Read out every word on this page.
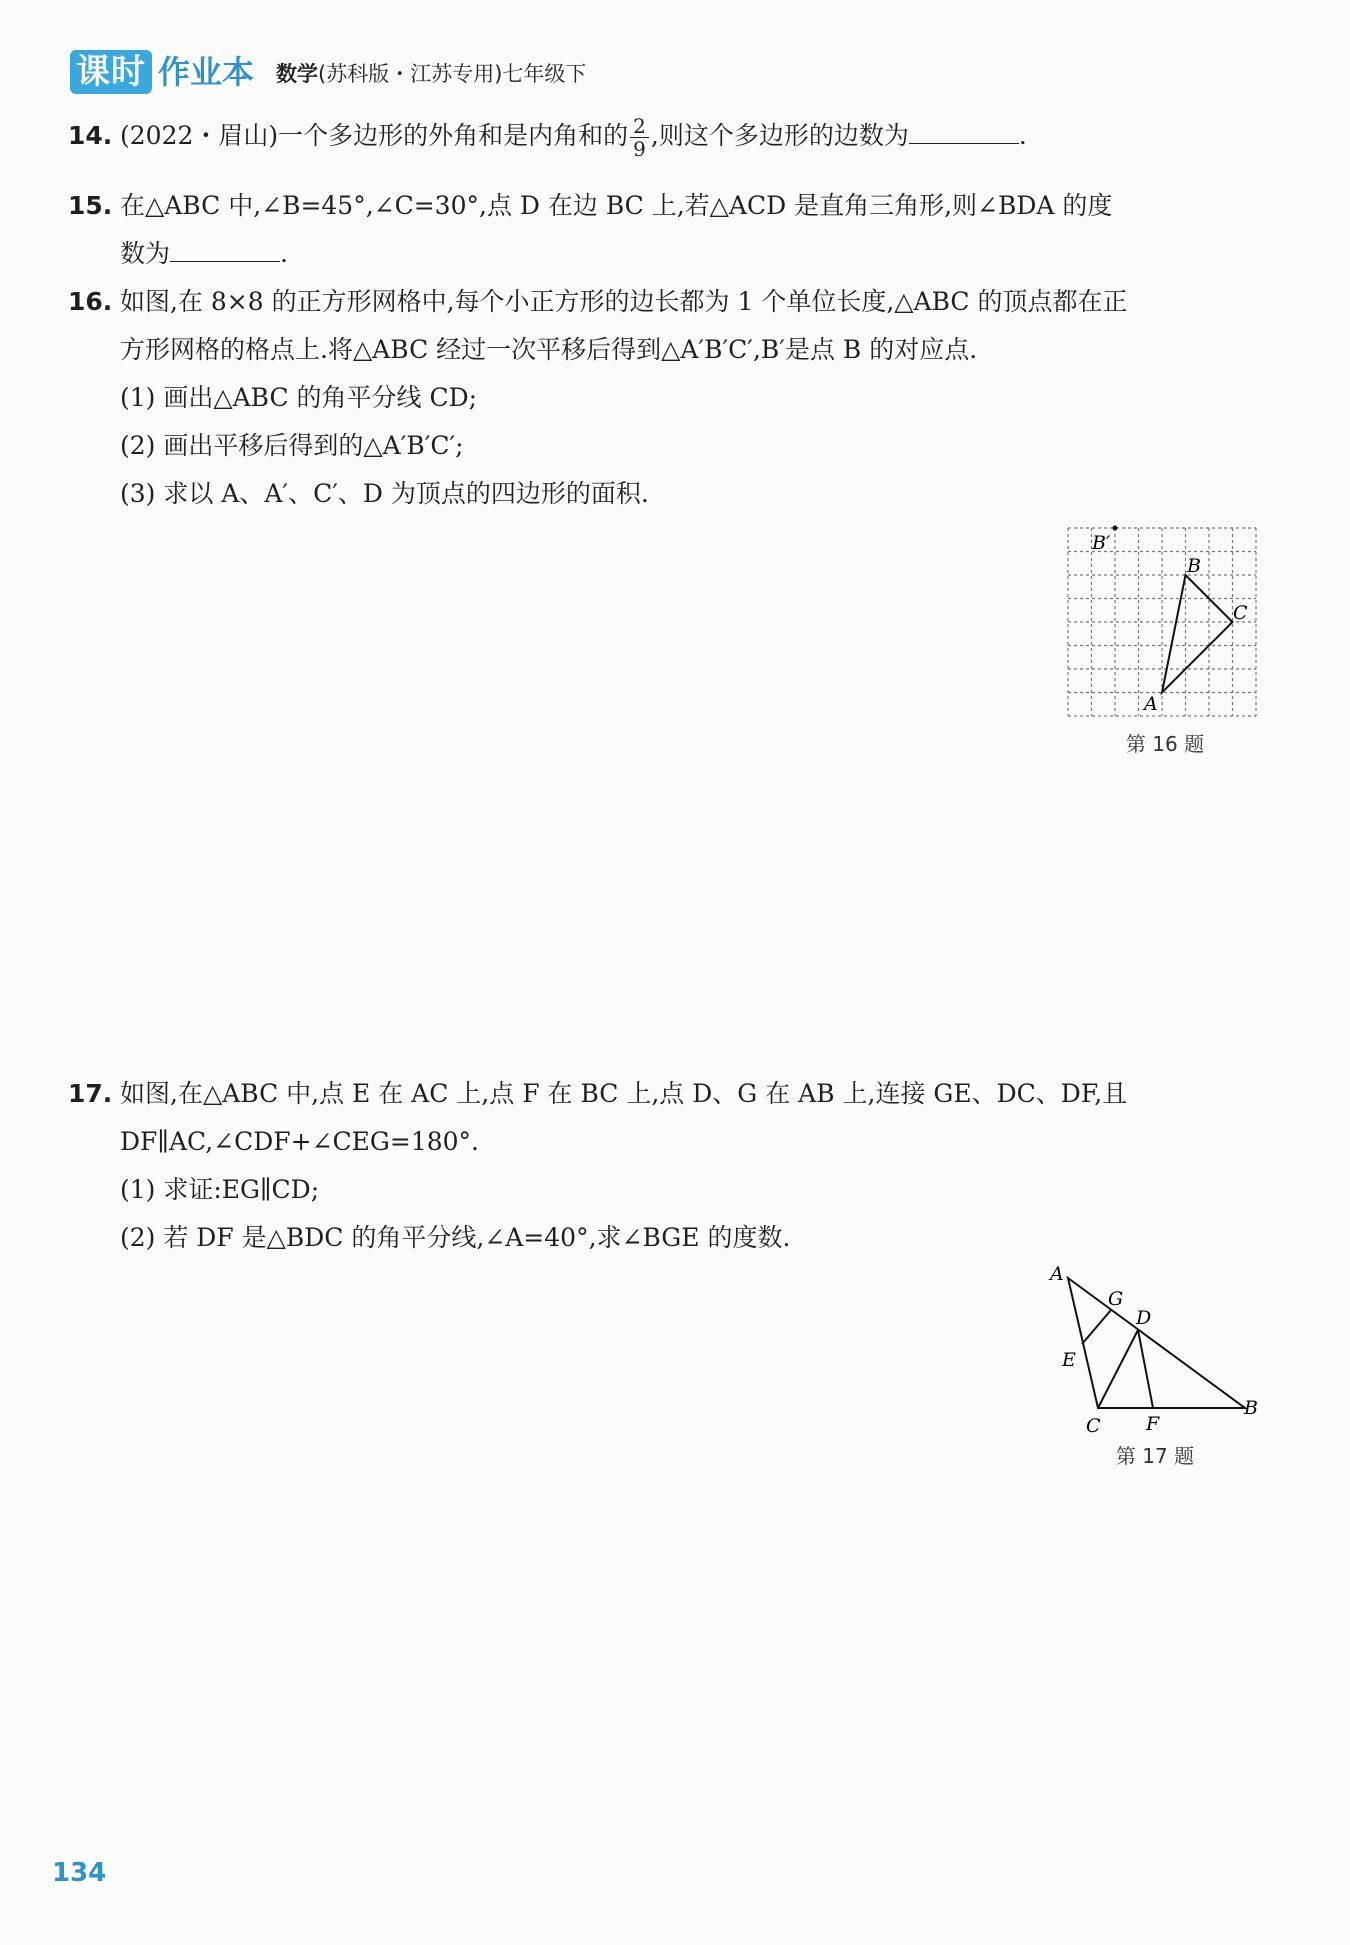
课时 作业本 数学(苏科版・江苏专用)七年级下
14. (2022・眉山)一个多边形的外角和是内角和的 $\frac{2}{9}$ ,则这个多边形的边数为	.
15. 在△ABC 中,∠B=45°,∠C=30°,点 D 在边 BC 上,若△ACD 是直角三角形,则∠BDA 的度
数为	.
16. 如图,在 8×8 的正方形网格中,每个小正方形的边长都为 1 个单位长度,△ABC 的顶点都在正
方形网格的格点上.将△ABC 经过一次平移后得到△A′B′C′,B′是点 B 的对应点.
(1) 画出△ABC 的角平分线 CD;
(2) 画出平移后得到的△A′B′C′;
(3) 求以 A、A′、C′、D 为顶点的四边形的面积.
B′
B
C
A
第 16 题
17. 如图,在△ABC 中,点 E 在 AC 上,点 F 在 BC 上,点 D、G 在 AB 上,连接 GE、DC、DF,且
DF∥AC,∠CDF+∠CEG=180°.
(1) 求证:EG∥CD;
(2) 若 DF 是△BDC 的角平分线,∠A=40°,求∠BGE 的度数.
A
G
D
E
C F
B
第 17 题
134
